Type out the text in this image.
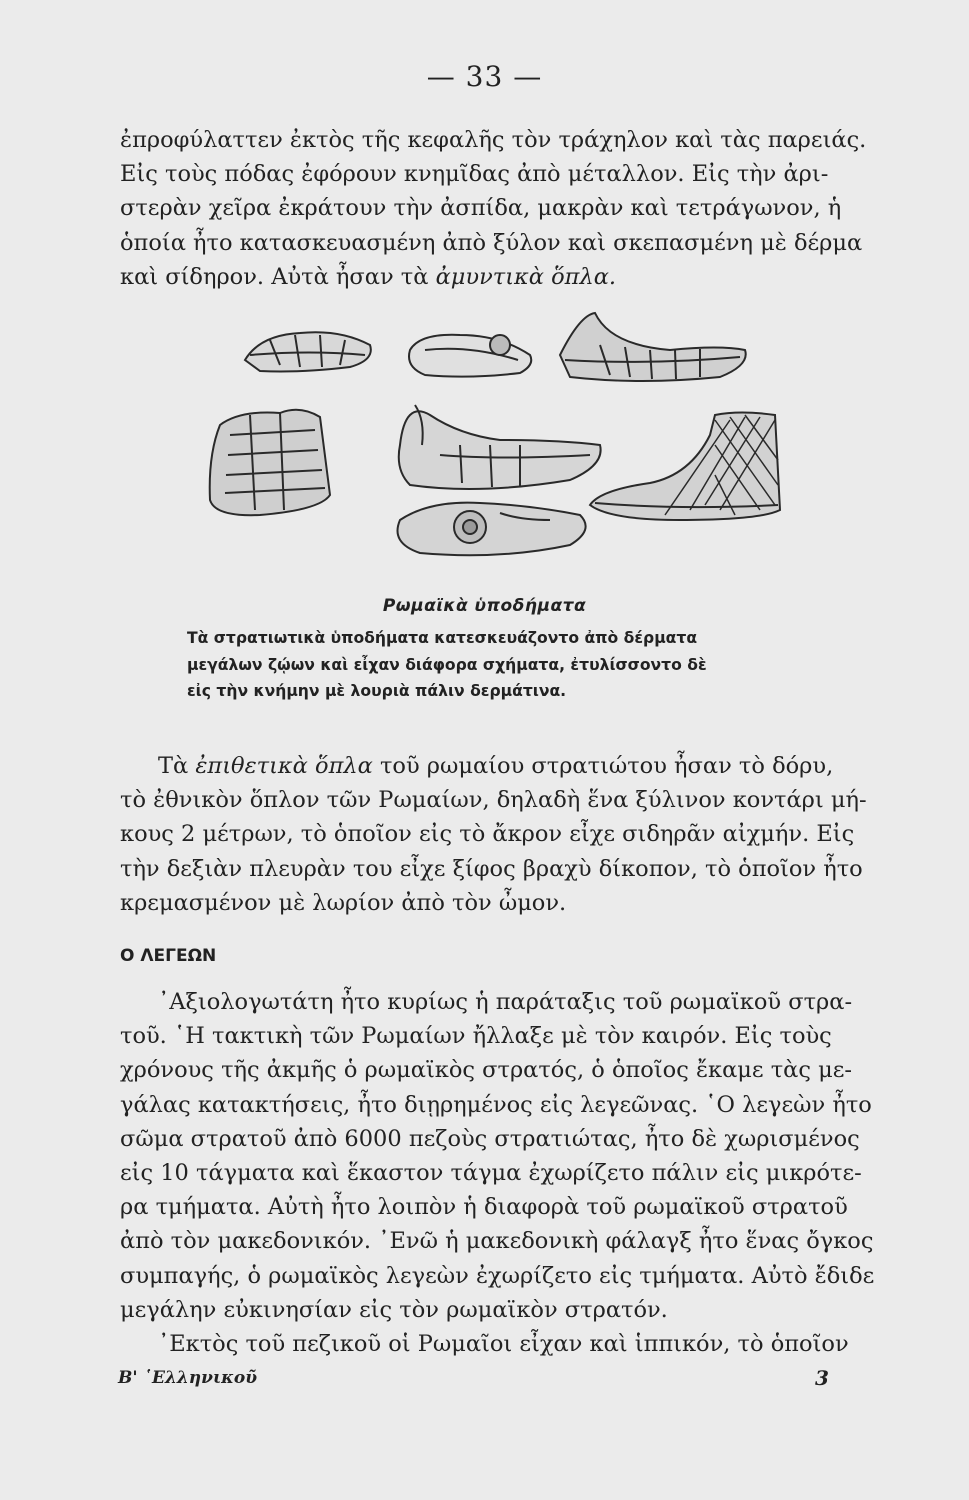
— 33 —
ἐπροφύλαττεν ἐκτὸς τῆς κεφαλῆς τὸν τράχηλον καὶ τὰς παρειάς.
Εἰς τοὺς πόδας ἐφόρουν κνημῖδας ἀπὸ μέταλλον. Εἰς τὴν ἀρι-
στερὰν χεῖρα ἐκράτουν τὴν ἀσπίδα, μακρὰν καὶ τετράγωνον, ἡ
ὁποία ἦτο κατασκευασμένη ἀπὸ ξύλον καὶ σκεπασμένη μὲ δέρμα
καὶ σίδηρον. Αὐτὰ ἦσαν τὰ ἀμυντικὰ ὅπλα.
Ρωμαϊκὰ ὑποδήματα
Τὰ στρατιωτικὰ ὑποδήματα κατεσκευάζοντο ἀπὸ δέρματα
μεγάλων ζῴων καὶ εἶχαν διάφορα σχήματα, ἐτυλίσσοντο δὲ
εἰς τὴν κνήμην μὲ λουριὰ πάλιν δερμάτινα.
Τὰ ἐπιθετικὰ ὅπλα τοῦ ρωμαίου στρατιώτου ἦσαν τὸ δόρυ,
τὸ ἐθνικὸν ὅπλον τῶν Ρωμαίων, δηλαδὴ ἕνα ξύλινον κοντάρι μή-
κους 2 μέτρων, τὸ ὁποῖον εἰς τὸ ἄκρον εἶχε σιδηρᾶν αἰχμήν. Εἰς
τὴν δεξιὰν πλευρὰν του εἶχε ξίφος βραχὺ δίκοπον, τὸ ὁποῖον ἦτο
κρεμασμένον μὲ λωρίον ἀπὸ τὸν ὦμον.
Ο ΛΕΓΕΩΝ
᾿Αξιολογωτάτη ἦτο κυρίως ἡ παράταξις τοῦ ρωμαϊκοῦ στρα-
τοῦ. ῾Η τακτικὴ τῶν Ρωμαίων ἤλλαξε μὲ τὸν καιρόν. Εἰς τοὺς
χρόνους τῆς ἀκμῆς ὁ ρωμαϊκὸς στρατός, ὁ ὁποῖος ἔκαμε τὰς με-
γάλας κατακτήσεις, ἦτο διῃρημένος εἰς λεγεῶνας. ῾Ο λεγεὼν ἦτο
σῶμα στρατοῦ ἀπὸ 6000 πεζοὺς στρατιώτας, ἦτο δὲ χωρισμένος
εἰς 10 τάγματα καὶ ἕκαστον τάγμα ἐχωρίζετο πάλιν εἰς μικρότε-
ρα τμήματα. Αὐτὴ ἦτο λοιπὸν ἡ διαφορὰ τοῦ ρωμαϊκοῦ στρατοῦ
ἀπὸ τὸν μακεδονικόν. ᾿Ενῶ ἡ μακεδονικὴ φάλαγξ ἦτο ἕνας ὄγκος
συμπαγής, ὁ ρωμαϊκὸς λεγεὼν ἐχωρίζετο εἰς τμήματα. Αὐτὸ ἔδιδε
μεγάλην εὐκινησίαν εἰς τὸν ρωμαϊκὸν στρατόν.
᾿Εκτὸς τοῦ πεζικοῦ οἱ Ρωμαῖοι εἶχαν καὶ ἱππικόν, τὸ ὁποῖον
Β' ῾Ελληνικοῦ	3
